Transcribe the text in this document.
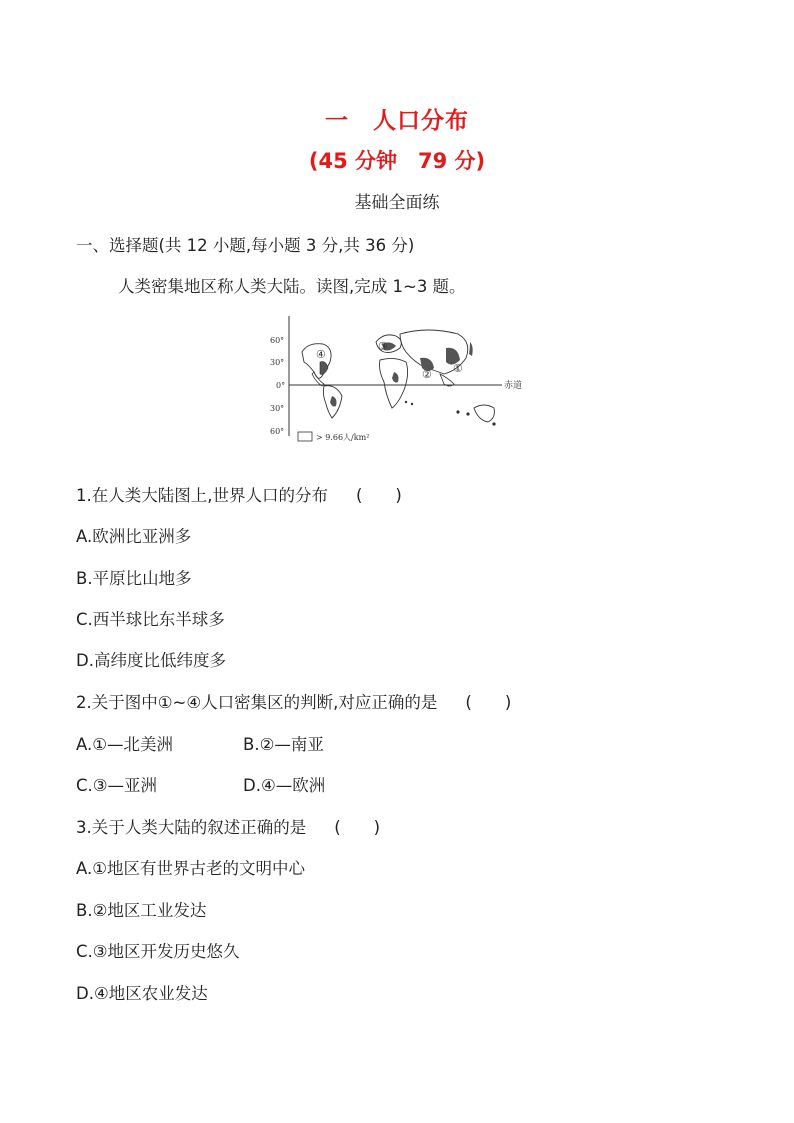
一　人口分布
(45 分钟　79 分)
基础全面练
一、选择题(共 12 小题,每小题 3 分,共 36 分)
人类密集地区称人类大陆。读图,完成 1~3 题。
60°
30°
0°
30°
60°
赤道
①
②
③
④
> 9.66人/km²
1.在人类大陆图上,世界人口的分布 (　　)
A.欧洲比亚洲多
B.平原比山地多
C.西半球比东半球多
D.高纬度比低纬度多
2.关于图中①~④人口密集区的判断,对应正确的是 (　　)
A.①—北美洲	B.②—南亚
C.③—亚洲	D.④—欧洲
3.关于人类大陆的叙述正确的是 (　　)
A.①地区有世界古老的文明中心
B.②地区工业发达
C.③地区开发历史悠久
D.④地区农业发达
